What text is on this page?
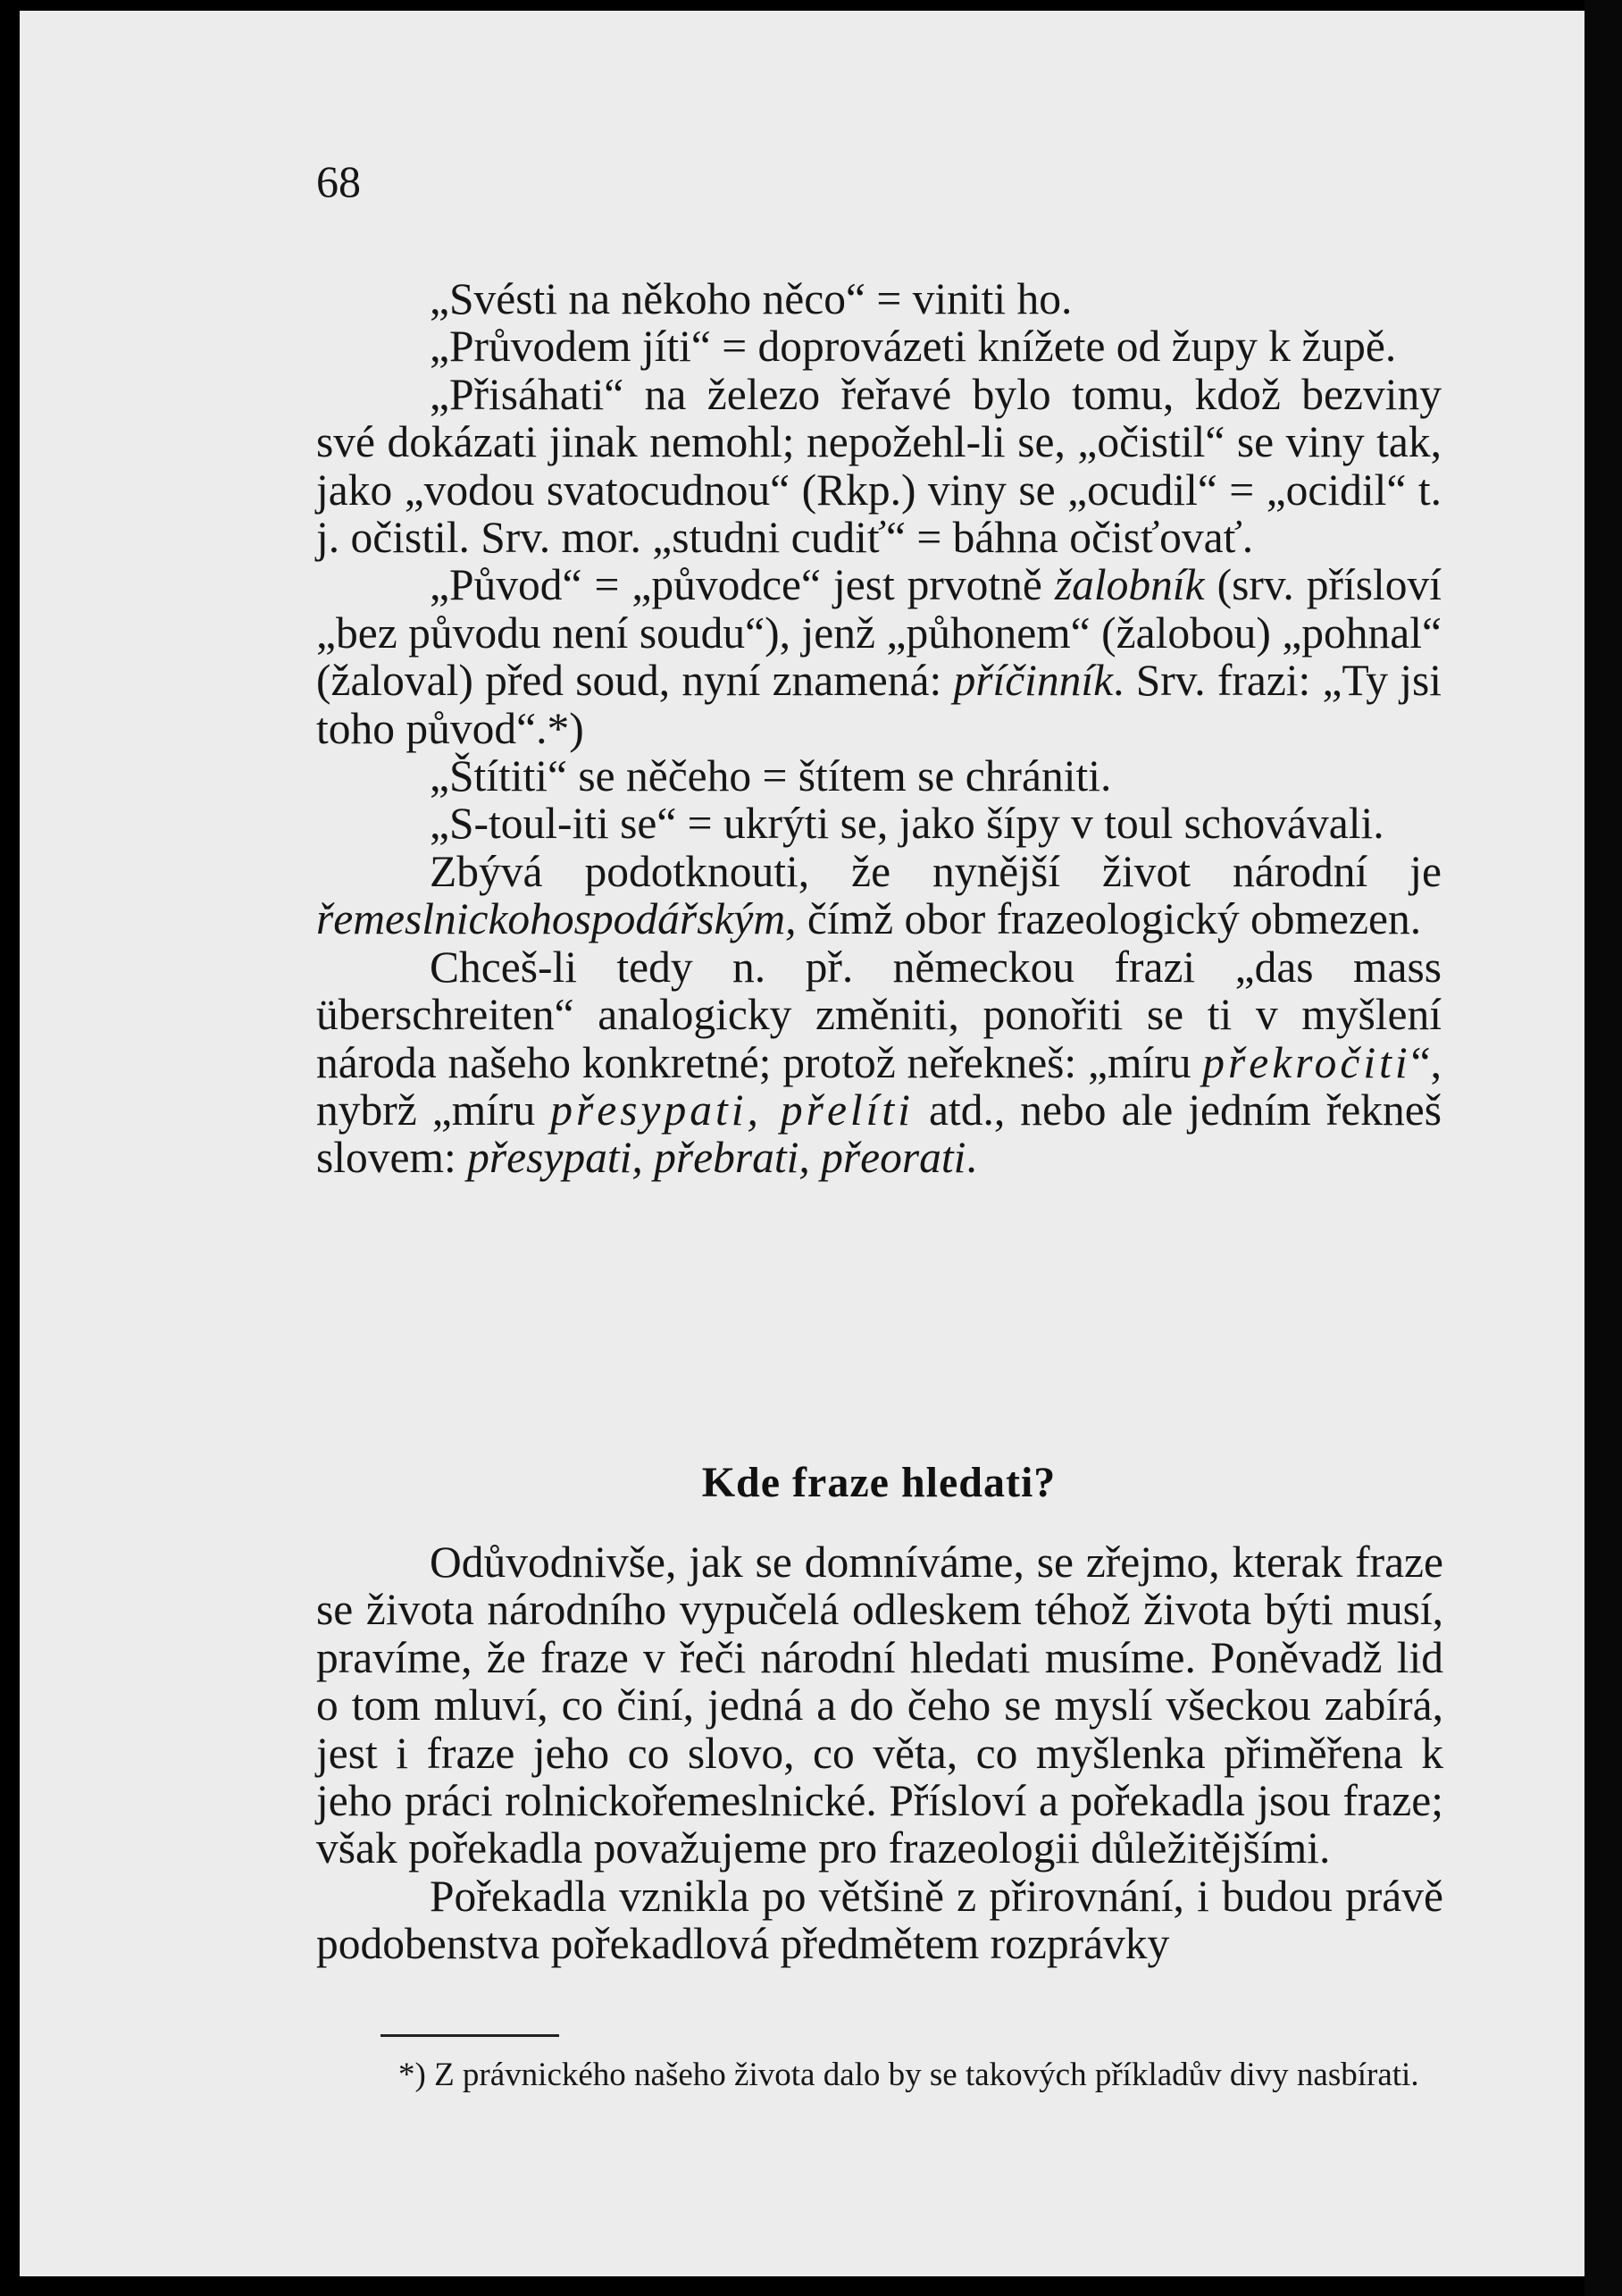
68

„Svésti na někoho něco“ = viniti ho.

„Průvodem jíti“ = doprovázeti knížete od župy k župě.

„Přisáhati“ na železo řeřavé bylo tomu, kdož bezviny své dokázati jinak nemohl; nepožehl-li se, „očistil“ se viny tak, jako „vodou svatocudnou“ (Rkp.) viny se „ocudil“ = „ocidil“ t. j. očistil. Srv. mor. „studni cudiť“ = báhna očisťovať.

„Původ“ = „původce“ jest prvotně žalobník (srv. přísloví „bez původu není soudu“), jenž „půhonem“ (žalobou) „pohnal“ (žaloval) před soud, nyní znamená: příčinník. Srv. frazi: „Ty jsi toho původ“.*)

„Štítiti“ se něčeho = štítem se chrániti.

„S-toul-iti se“ = ukrýti se, jako šípy v toul schovávali.

Zbývá podotknouti, že nynější život národní je řemeslnickohospodářským, čímž obor frazeologický obmezen.

Chceš-li tedy n. př. německou frazi „das mass überschreiten“ analogicky změniti, ponořiti se ti v myšlení národa našeho konkretné; protož neřekneš: „míru překročiti“, nybrž „míru přesypati, přelíti atd., nebo ale jedním řekneš slovem: přesypati, přebrati, přeorati.

Kde fraze hledati?

Odůvodnivše, jak se domníváme, se zřejmo, kterak fraze se života národního vypučelá odleskem téhož života býti musí, pravíme, že fraze v řeči národní hledati musíme. Poněvadž lid o tom mluví, co činí, jedná a do čeho se myslí všeckou zabírá, jest i fraze jeho co slovo, co věta, co myšlenka přiměřena k jeho práci rolnickořemeslnické. Přísloví a pořekadla jsou fraze; však pořekadla považujeme pro frazeologii důležitějšími.

Pořekadla vznikla po většině z přirovnání, i budou právě podobenstva pořekadlová předmětem rozprávky

*) Z právnického našeho života dalo by se takových příkladův divy nasbírati.
